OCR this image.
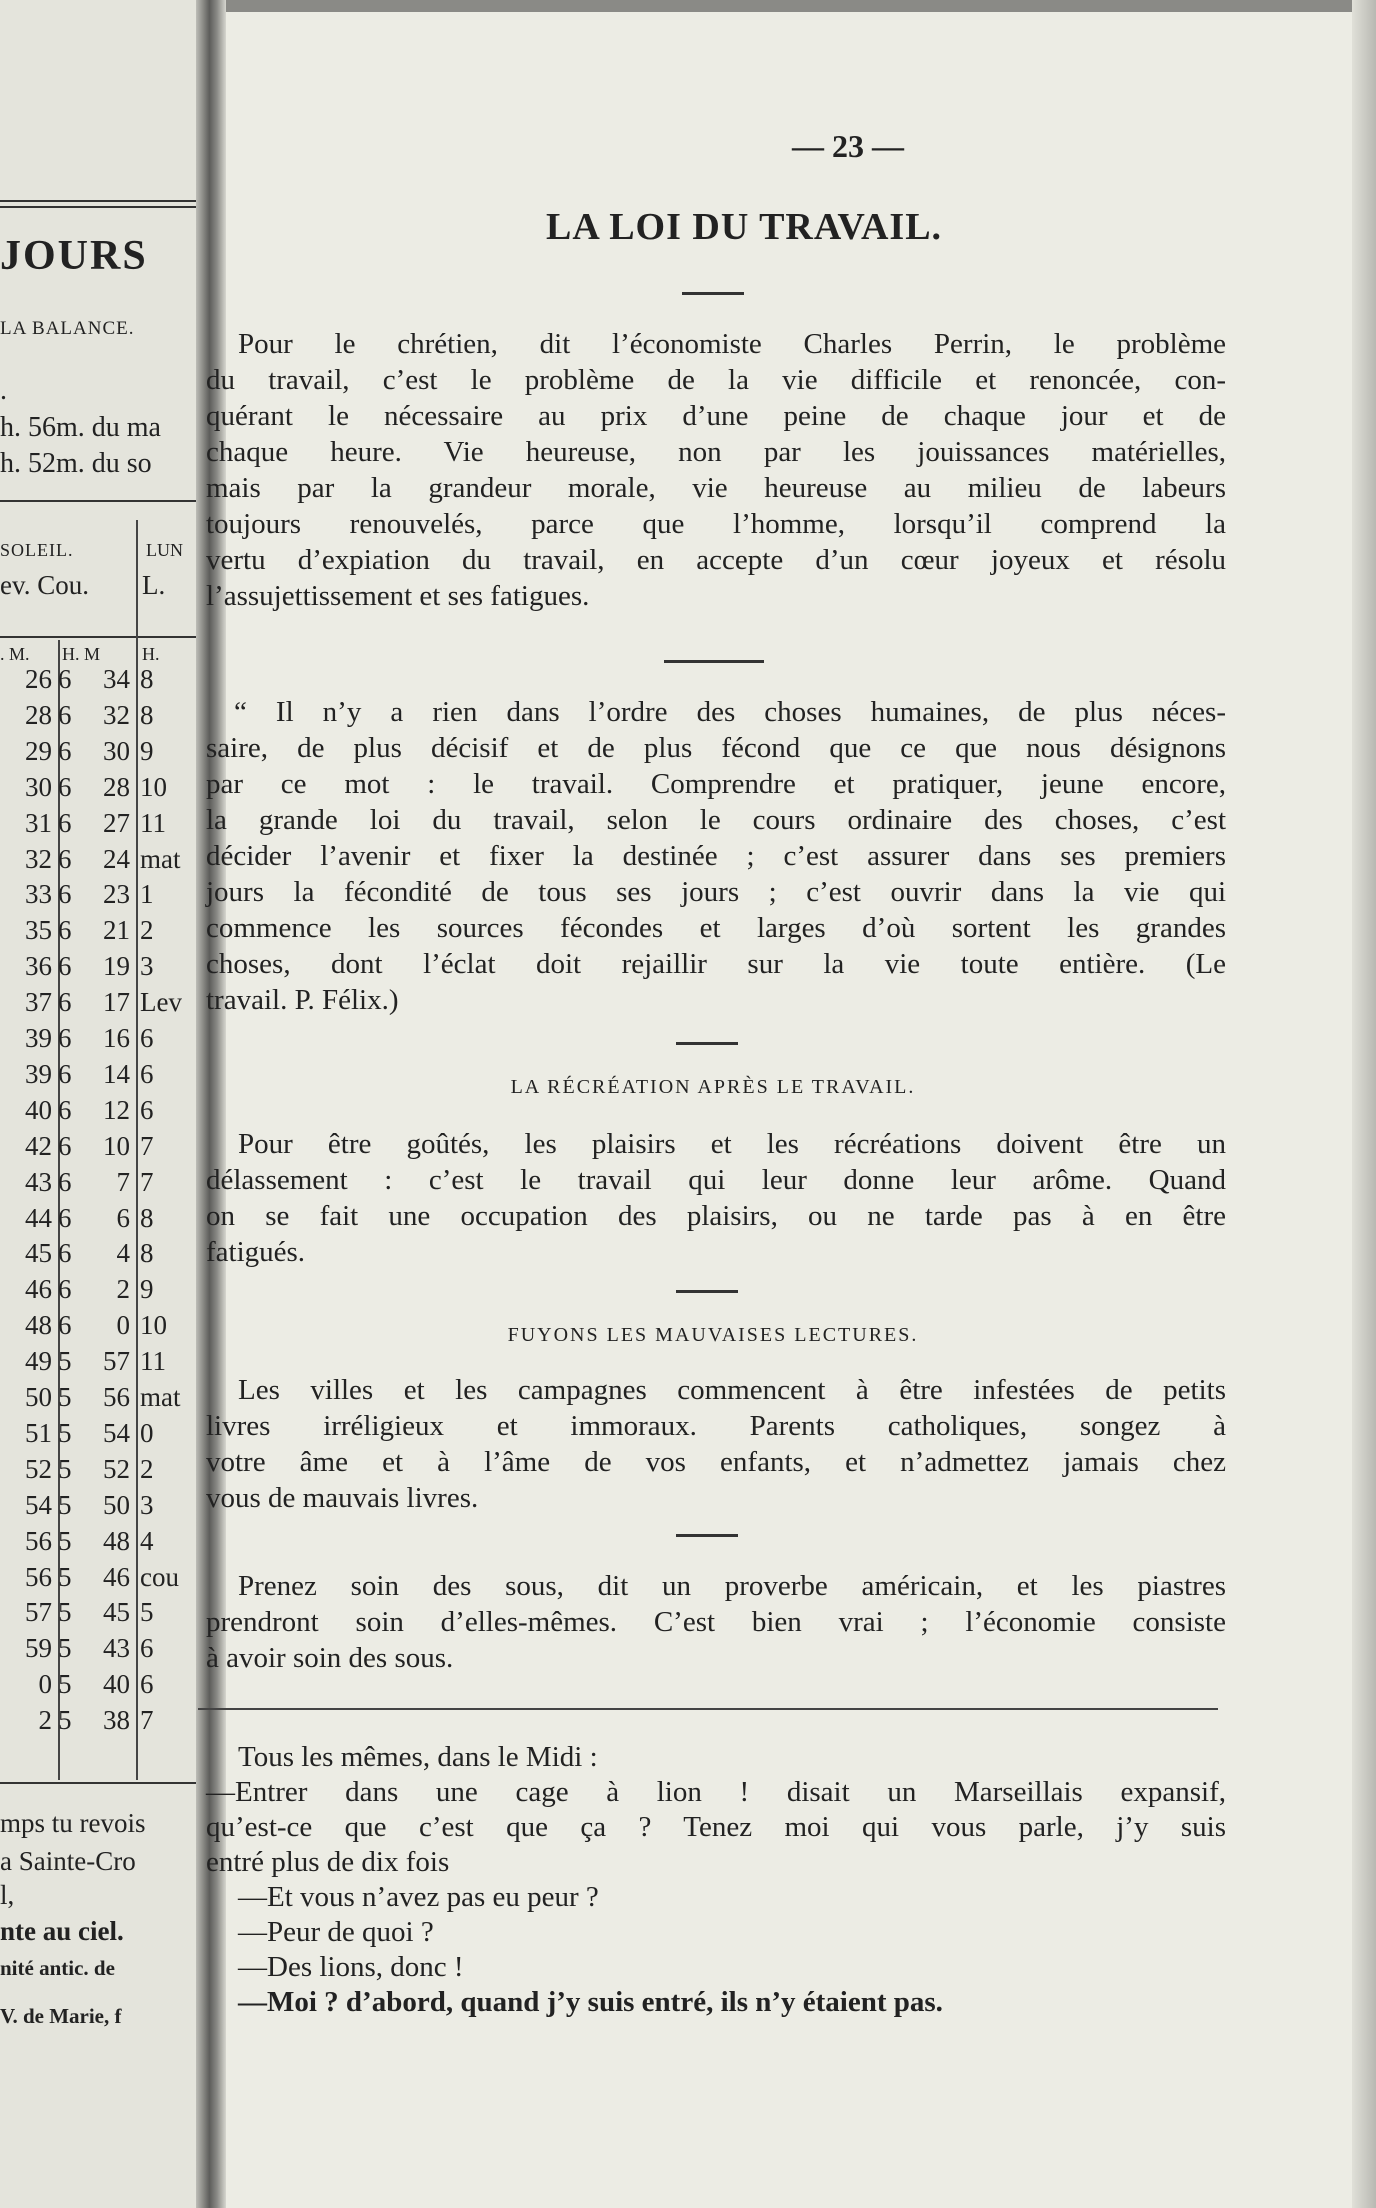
JOURS
LA BALANCE.
.
h. 56m. du ma
h. 52m. du so
SOLEIL.	LUN
ev. Cou. L.
. M. H. M H.
26 6	34 8
28 6	32 8
29 6	30 9
30 6	28 10
31 6	27 11
32 6	24 mat
33 6	23 1
35 6	21 2
36 6	19 3
37 6	17 Lev
39 6	16 6
39 6	14 6
40 6	12 6
42 6	10 7
43 6	7 7
44 6	6 8
45 6	4 8
46 6	2 9
48 6	0 10
49 5	57 11
50 5	56 mat
51 5	54 0
52 5	52 2
54 5	50 3
56 5	48 4
56 5	46 cou
57 5	45 5
59 5	43 6
0 5	40 6
2 5	38 7
mps tu revois
a Sainte-Cro
l,
nte au ciel.
nité antic. de
V. de Marie, f
— 23 —
LA LOI DU TRAVAIL.
Pour le chrétien, dit l’économiste Charles Perrin, le problème
du travail, c’est le problème de la vie difficile et renoncée, con-
quérant le nécessaire au prix d’une peine de chaque jour et de
chaque heure. Vie heureuse, non par les jouissances matérielles,
mais par la grandeur morale, vie heureuse au milieu de labeurs
toujours renouvelés, parce que l’homme, lorsqu’il comprend la
vertu d’expiation du travail, en accepte d’un cœur joyeux et résolu
l’assujettissement et ses fatigues.
“ Il n’y a rien dans l’ordre des choses humaines, de plus néces-
saire, de plus décisif et de plus fécond que ce que nous désignons
par ce mot : le travail. Comprendre et pratiquer, jeune encore,
la grande loi du travail, selon le cours ordinaire des choses, c’est
décider l’avenir et fixer la destinée ; c’est assurer dans ses premiers
jours la fécondité de tous ses jours ; c’est ouvrir dans la vie qui
commence les sources fécondes et larges d’où sortent les grandes
choses, dont l’éclat doit rejaillir sur la vie toute entière. (Le
travail. P. Félix.)
LA RÉCRÉATION APRÈS LE TRAVAIL.
Pour être goûtés, les plaisirs et les récréations doivent être un
délassement : c’est le travail qui leur donne leur arôme. Quand
on se fait une occupation des plaisirs, ou ne tarde pas à en être
fatigués.
FUYONS LES MAUVAISES LECTURES.
Les villes et les campagnes commencent à être infestées de petits
livres irréligieux et immoraux. Parents catholiques, songez à
votre âme et à l’âme de vos enfants, et n’admettez jamais chez
vous de mauvais livres.
Prenez soin des sous, dit un proverbe américain, et les piastres
prendront soin d’elles-mêmes. C’est bien vrai ; l’économie consiste
à avoir soin des sous.
Tous les mêmes, dans le Midi :
—Entrer dans une cage à lion ! disait un Marseillais expansif,
qu’est-ce que c’est que ça ? Tenez moi qui vous parle, j’y suis
entré plus de dix fois
—Et vous n’avez pas eu peur ?
—Peur de quoi ?
—Des lions, donc !
—Moi ? d’abord, quand j’y suis entré, ils n’y étaient pas.
